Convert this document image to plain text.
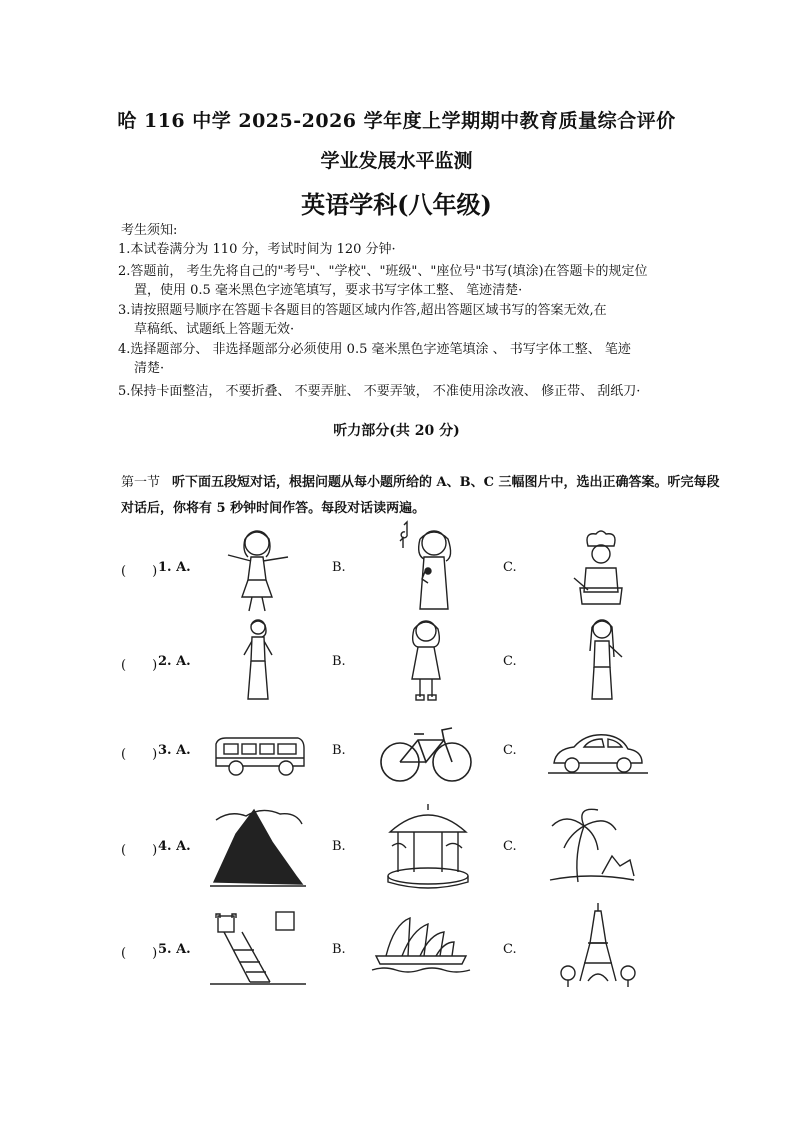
哈 116 中学 2025-2026 学年度上学期期中教育质量综合评价
学业发展水平监测
英语学科(八年级)
考生须知:
1.本试卷满分为 110 分，考试时间为 120 分钟·
2.答题前， 考生先将自己的"考号"、"学校"、"班级"、"座位号"书写(填涂)在答题卡的规定位
置，使用 0.5 毫米黑色字迹笔填写，要求书写字体工整、 笔迹清楚·
3.请按照题号顺序在答题卡各题目的答题区域内作答,超出答题区域书写的答案无效,在
草稿纸、试题纸上答题无效·
4.选择题部分、 非选择题部分必须使用 0.5 毫米黑色字迹笔填涂 、 书写字体工整、 笔迹
清楚·
5.保持卡面整洁， 不要折叠、 不要弄脏、 不要弄皱， 不准使用涂改液、 修正带、 刮纸刀·
听力部分(共 20 分)
第一节 听下面五段短对话，根据问题从每小题所给的 A、B、C 三幅图片中，选出正确答案。听完每段对话后，你将有 5 秒钟时间作答。每段对话读两遍。
(　　) 1. A.	B.	C.
(　　) 2. A.	B.	C.
(　　) 3. A.	B.	C.
(　　) 4. A.	B.	C.
(　　) 5. A.	B.	C.
